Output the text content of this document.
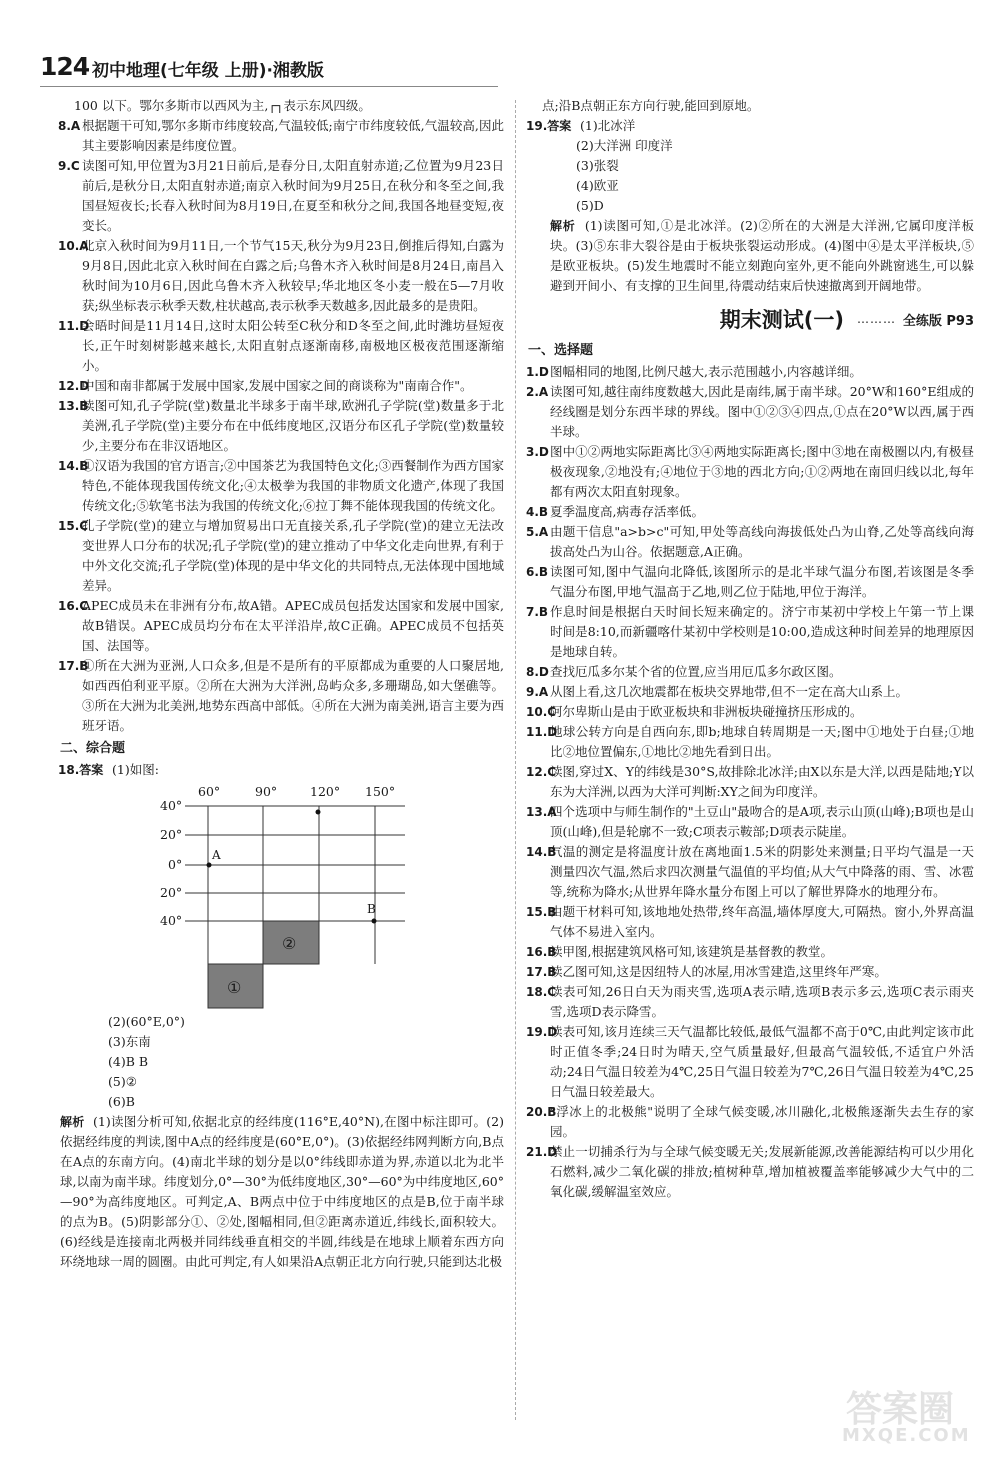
124 初中地理(七年级 上册)·湘教版

100 以下。鄂尔多斯市以西风为主,┌┐表示东风四级。

8.A 根据题干可知,鄂尔多斯市纬度较高,气温较低;南宁市纬度较低,气温较高,因此其主要影响因素是纬度位置。

9.C 读图可知,甲位置为3月21日前后,是春分日,太阳直射赤道;乙位置为9月23日前后,是秋分日,太阳直射赤道;南京入秋时间为9月25日,在秋分和冬至之间,我国昼短夜长;长春入秋时间为8月19日,在夏至和秋分之间,我国各地昼变短,夜变长。

10.A
北京入秋时间为9月11日,一个节气15天,秋分为9月23日,倒推后得知,白露为9月8日,因此北京入秋时间在白露之后;乌鲁木齐入秋时间是8月24日,南昌入秋时间为10月6日,因此乌鲁木齐入秋较早;华北地区冬小麦一般在5—7月收获;纵坐标表示秋季天数,柱状越高,表示秋季天数越多,因此最多的是贵阳。

11.D
会晤时间是11月14日,这时太阳公转至C秋分和D冬至之间,此时潍坊昼短夜长,正午时刻树影越来越长,太阳直射点逐渐南移,南极地区极夜范围逐渐缩小。

12.D
中国和南非都属于发展中国家,发展中国家之间的商谈称为"南南合作"。

13.B
读图可知,孔子学院(堂)数量北半球多于南半球,欧洲孔子学院(堂)数量多于北美洲,孔子学院(堂)主要分布在中低纬度地区,汉语分布区孔子学院(堂)数量较少,主要分布在非汉语地区。

14.B
①汉语为我国的官方语言;②中国茶艺为我国特色文化;③西餐制作为西方国家特色,不能体现我国传统文化;④太极拳为我国的非物质文化遗产,体现了我国传统文化;⑤软笔书法为我国的传统文化;⑥拉丁舞不能体现我国的传统文化。

15.C
孔子学院(堂)的建立与增加贸易出口无直接关系,孔子学院(堂)的建立无法改变世界人口分布的状况;孔子学院(堂)的建立推动了中华文化走向世界,有利于中外文化交流;孔子学院(堂)体现的是中华文化的共同特点,无法体现中国地域差异。

16.C
APEC成员未在非洲有分布,故A错。APEC成员包括发达国家和发展中国家,故B错误。APEC成员均分布在太平洋沿岸,故C正确。APEC成员不包括英国、法国等。

17.B
①所在大洲为亚洲,人口众多,但是不是所有的平原都成为重要的人口聚居地,如西西伯利亚平原。②所在大洲为大洋洲,岛屿众多,多珊瑚岛,如大堡礁等。③所在大洲为北美洲,地势东西高中部低。④所在大洲为南美洲,语言主要为西班牙语。

二、综合题

18.答案 (1)如图:

60°	90°	120° 150°
40°
20°
0°
20°
40°
A
B
①
②

(2)(60°E,0°)

(3)东南

(4)B B

(5)②

(6)B

解析 (1)读图分析可知,依据北京的经纬度(116°E,40°N),在图中标注即可。(2)依据经纬度的判读,图中A点的经纬度是(60°E,0°)。(3)依据经纬网判断方向,B点在A点的东南方向。(4)南北半球的划分是以0°纬线即赤道为界,赤道以北为北半球,以南为南半球。纬度划分,0°—30°为低纬度地区,30°—60°为中纬度地区,60°—90°为高纬度地区。可判定,A、B两点中位于中纬度地区的点是B,位于南半球的点为B。(5)阴影部分①、②处,图幅相同,但②距离赤道近,纬线长,面积较大。(6)经线是连接南北两极并同纬线垂直相交的半圆,纬线是在地球上顺着东西方向环绕地球一周的圆圈。由此可判定,有人如果沿A点朝正北方向行驶,只能到达北极

点;沿B点朝正东方向行驶,能回到原地。

19.答案 (1)北冰洋

(2)大洋洲 印度洋

(3)张裂

(4)欧亚

(5)D

解析 (1)读图可知,①是北冰洋。(2)②所在的大洲是大洋洲,它属印度洋板块。(3)⑤东非大裂谷是由于板块张裂运动形成。(4)图中④是太平洋板块,⑤是欧亚板块。(5)发生地震时不能立刻跑向室外,更不能向外跳窗逃生,可以躲避到开间小、有支撑的卫生间里,待震动结束后快速撤离到开阔地带。

期末测试(一) ……… 全练版 P93

一、选择题

1.D 图幅相同的地图,比例尺越大,表示范围越小,内容越详细。

2.A 读图可知,越往南纬度数越大,因此是南纬,属于南半球。20°W和160°E组成的经线圈是划分东西半球的界线。图中①②③④四点,①点在20°W以西,属于西半球。

3.D 图中①②两地实际距离比③④两地实际距离长;图中③地在南极圈以内,有极昼极夜现象,②地没有;④地位于③地的西北方向;①②两地在南回归线以北,每年都有两次太阳直射现象。

4.B 夏季温度高,病毒存活率低。

5.A 由题干信息"a>b>c"可知,甲处等高线向海拔低处凸为山脊,乙处等高线向海拔高处凸为山谷。依据题意,A正确。

6.B 读图可知,图中气温向北降低,该图所示的是北半球气温分布图,若该图是冬季气温分布图,甲地气温高于乙地,则乙位于陆地,甲位于海洋。

7.B 作息时间是根据白天时间长短来确定的。济宁市某初中学校上午第一节上课时间是8:10,而新疆喀什某初中学校则是10:00,造成这种时间差异的地理原因是地球自转。

8.D 查找厄瓜多尔某个省的位置,应当用厄瓜多尔政区图。

9.A 从图上看,这几次地震都在板块交界地带,但不一定在高大山系上。

10.C
阿尔卑斯山是由于欧亚板块和非洲板块碰撞挤压形成的。

11.D
地球公转方向是自西向东,即b;地球自转周期是一天;图中①地处于白昼;①地比②地位置偏东,①地比②地先看到日出。

12.C
读图,穿过X、Y的纬线是30°S,故排除北冰洋;由X以东是大洋,以西是陆地;Y以东为大洋洲,以西为大洋可判断:XY之间为印度洋。

13.A
四个选项中与师生制作的"土豆山"最吻合的是A项,表示山顶(山峰);B项也是山顶(山峰),但是轮廓不一致;C项表示鞍部;D项表示陡崖。

14.B
气温的测定是将温度计放在离地面1.5米的阴影处来测量;日平均气温是一天测量四次气温,然后求四次测量气温值的平均值;从大气中降落的雨、雪、冰雹等,统称为降水;从世界年降水量分布图上可以了解世界降水的地理分布。

15.B
由题干材料可知,该地地处热带,终年高温,墙体厚度大,可隔热。窗小,外界高温气体不易进入室内。

16.B
读甲图,根据建筑风格可知,该建筑是基督教的教堂。

17.B
读乙图可知,这是因纽特人的冰屋,用冰雪建造,这里终年严寒。

18.C
读表可知,26日白天为雨夹雪,选项A表示晴,选项B表示多云,选项C表示雨夹雪,选项D表示降雪。

19.D
读表可知,该月连续三天气温都比较低,最低气温都不高于0℃,由此判定该市此时正值冬季;24日时为晴天,空气质量最好,但最高气温较低,不适宜户外活动;24日气温日较差为4℃,25日气温日较差为7℃,26日气温日较差为4℃,25日气温日较差最大。

20.B
"浮冰上的北极熊"说明了全球气候变暖,冰川融化,北极熊逐渐失去生存的家园。

21.D
禁止一切捕杀行为与全球气候变暖无关;发展新能源,改善能源结构可以少用化石燃料,减少二氧化碳的排放;植树种草,增加植被覆盖率能够减少大气中的二氧化碳,缓解温室效应。

答案圈
MXQE.COM
